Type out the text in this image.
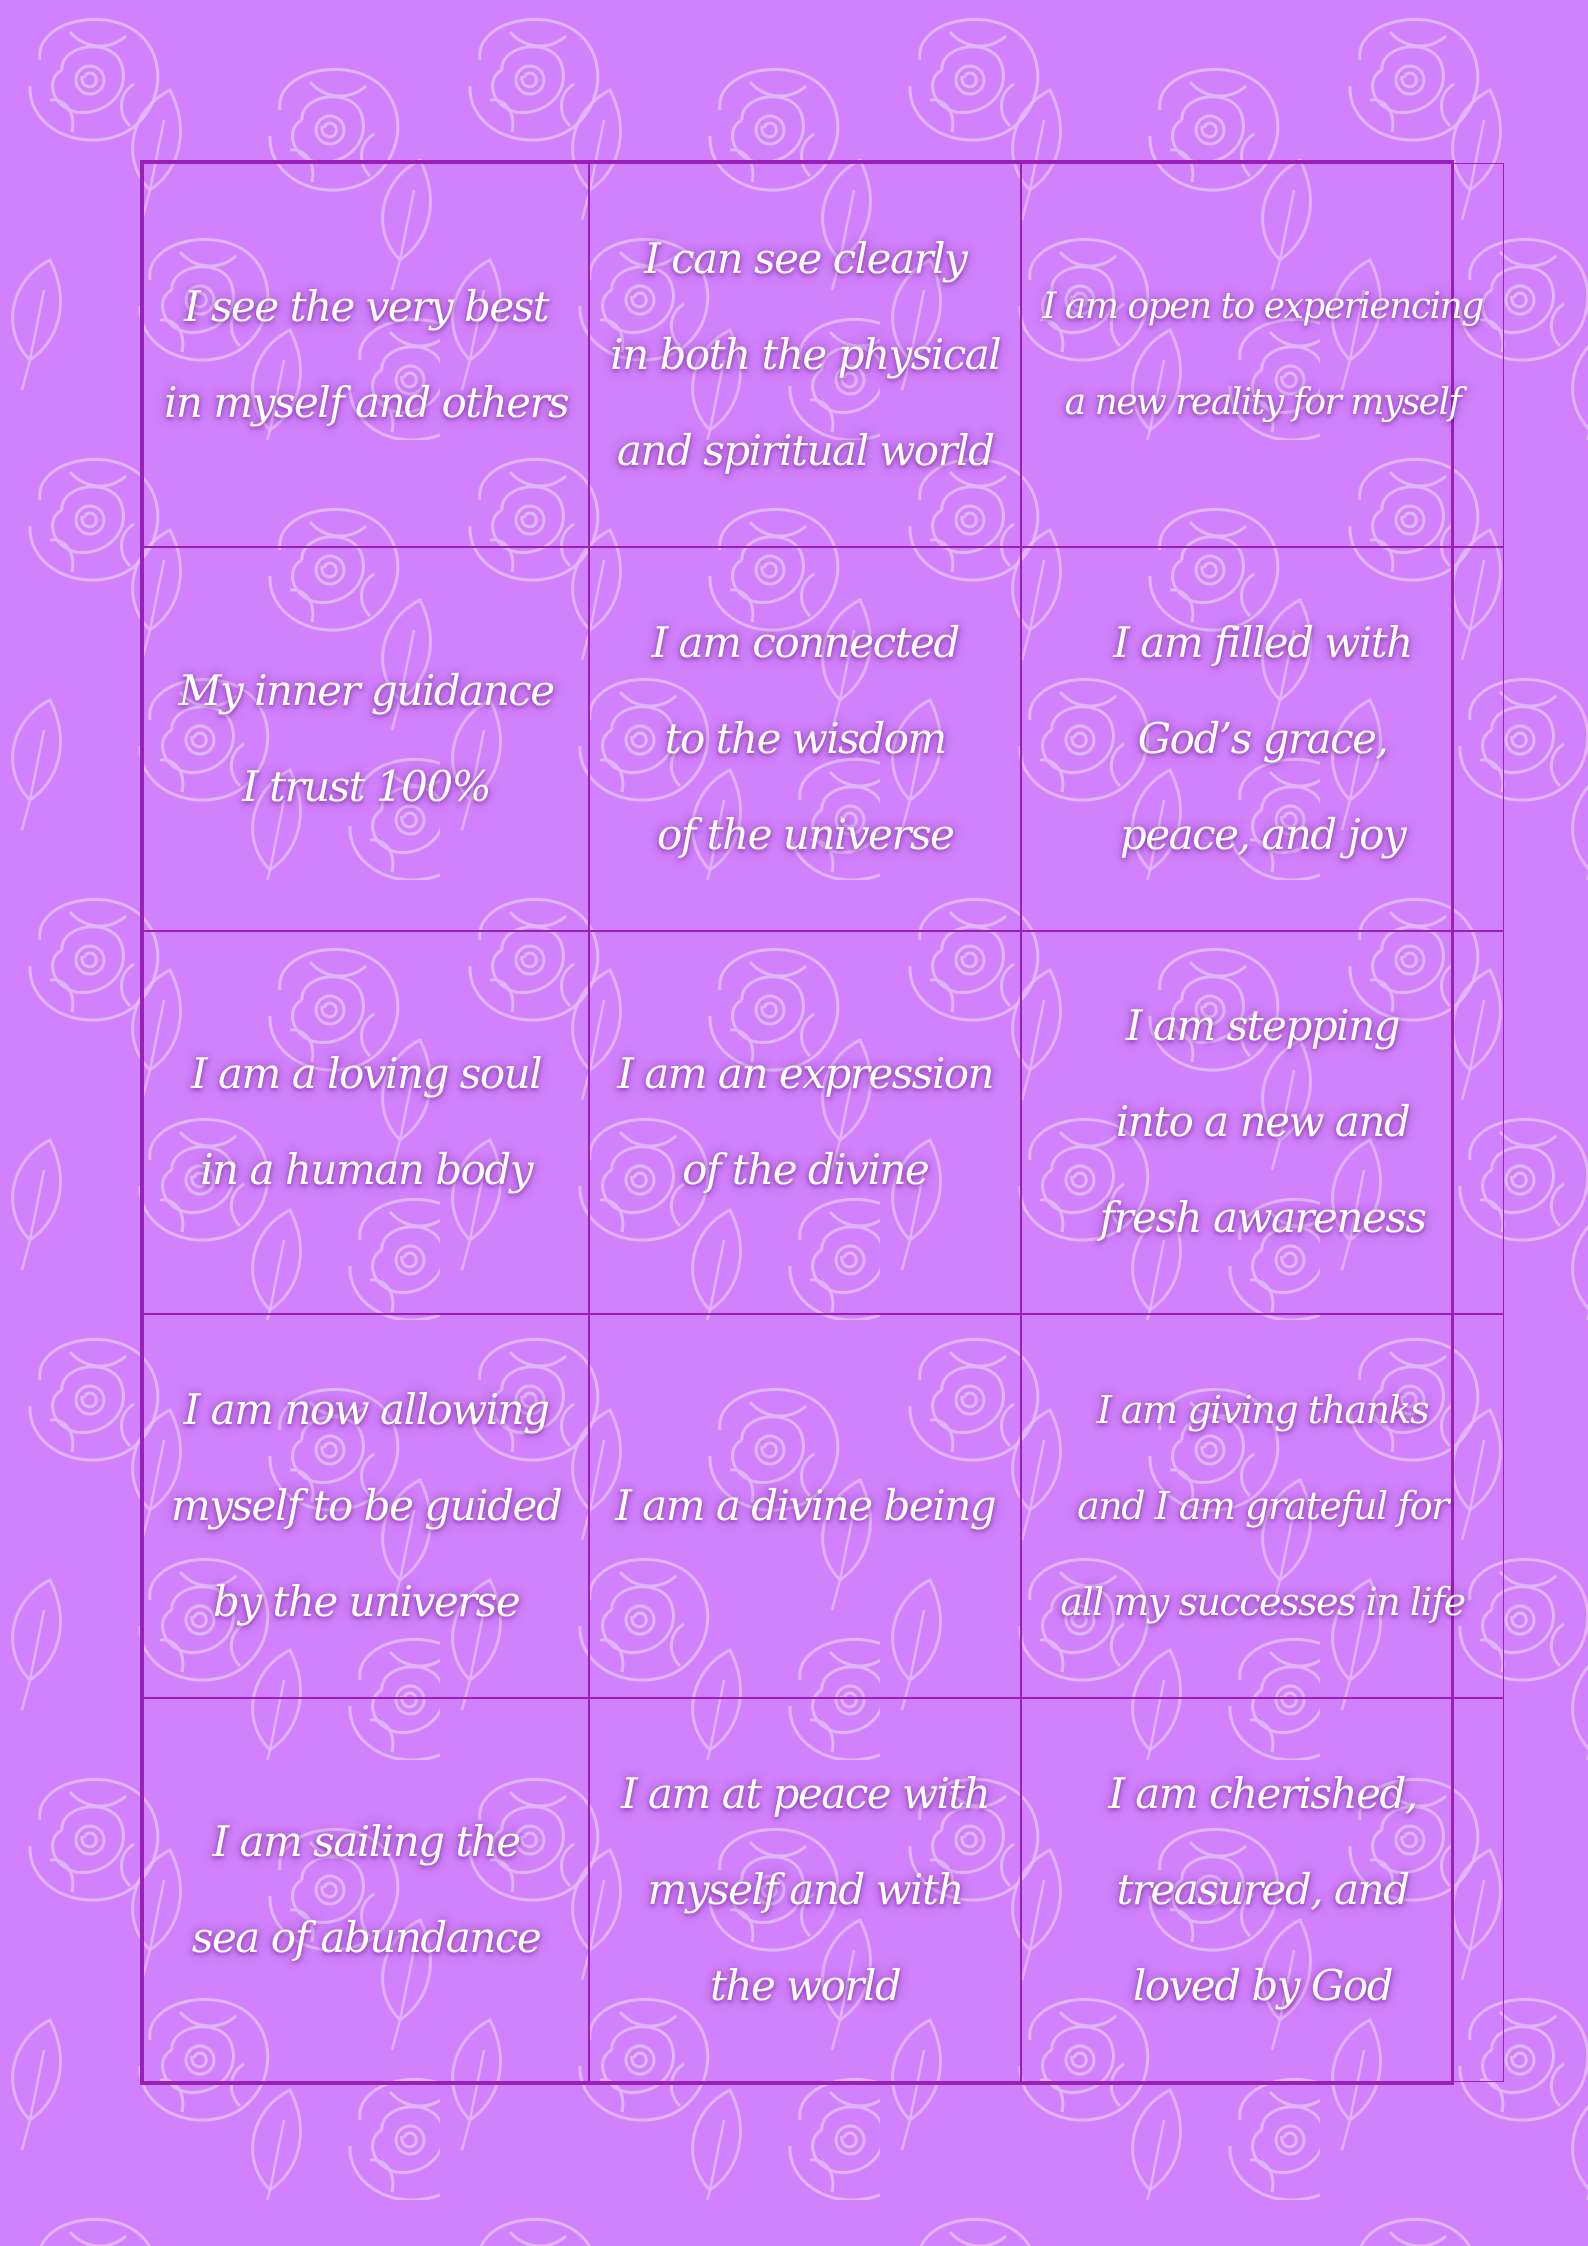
I see the very best
in myself and others
I can see clearly
in both the physical
and spiritual world
I am open to experiencing
a new reality for myself
My inner guidance
I trust 100%
I am connected
to the wisdom
of the universe
I am filled with
God’s grace,
peace, and joy
I am a loving soul
in a human body
I am an expression
of the divine
I am stepping
into a new and
fresh awareness
I am now allowing
myself to be guided
by the universe
I am a divine being
I am giving thanks
and I am grateful for
all my successes in life
I am sailing the
sea of abundance
I am at peace with
myself and with
the world
I am cherished,
treasured, and
loved by God
